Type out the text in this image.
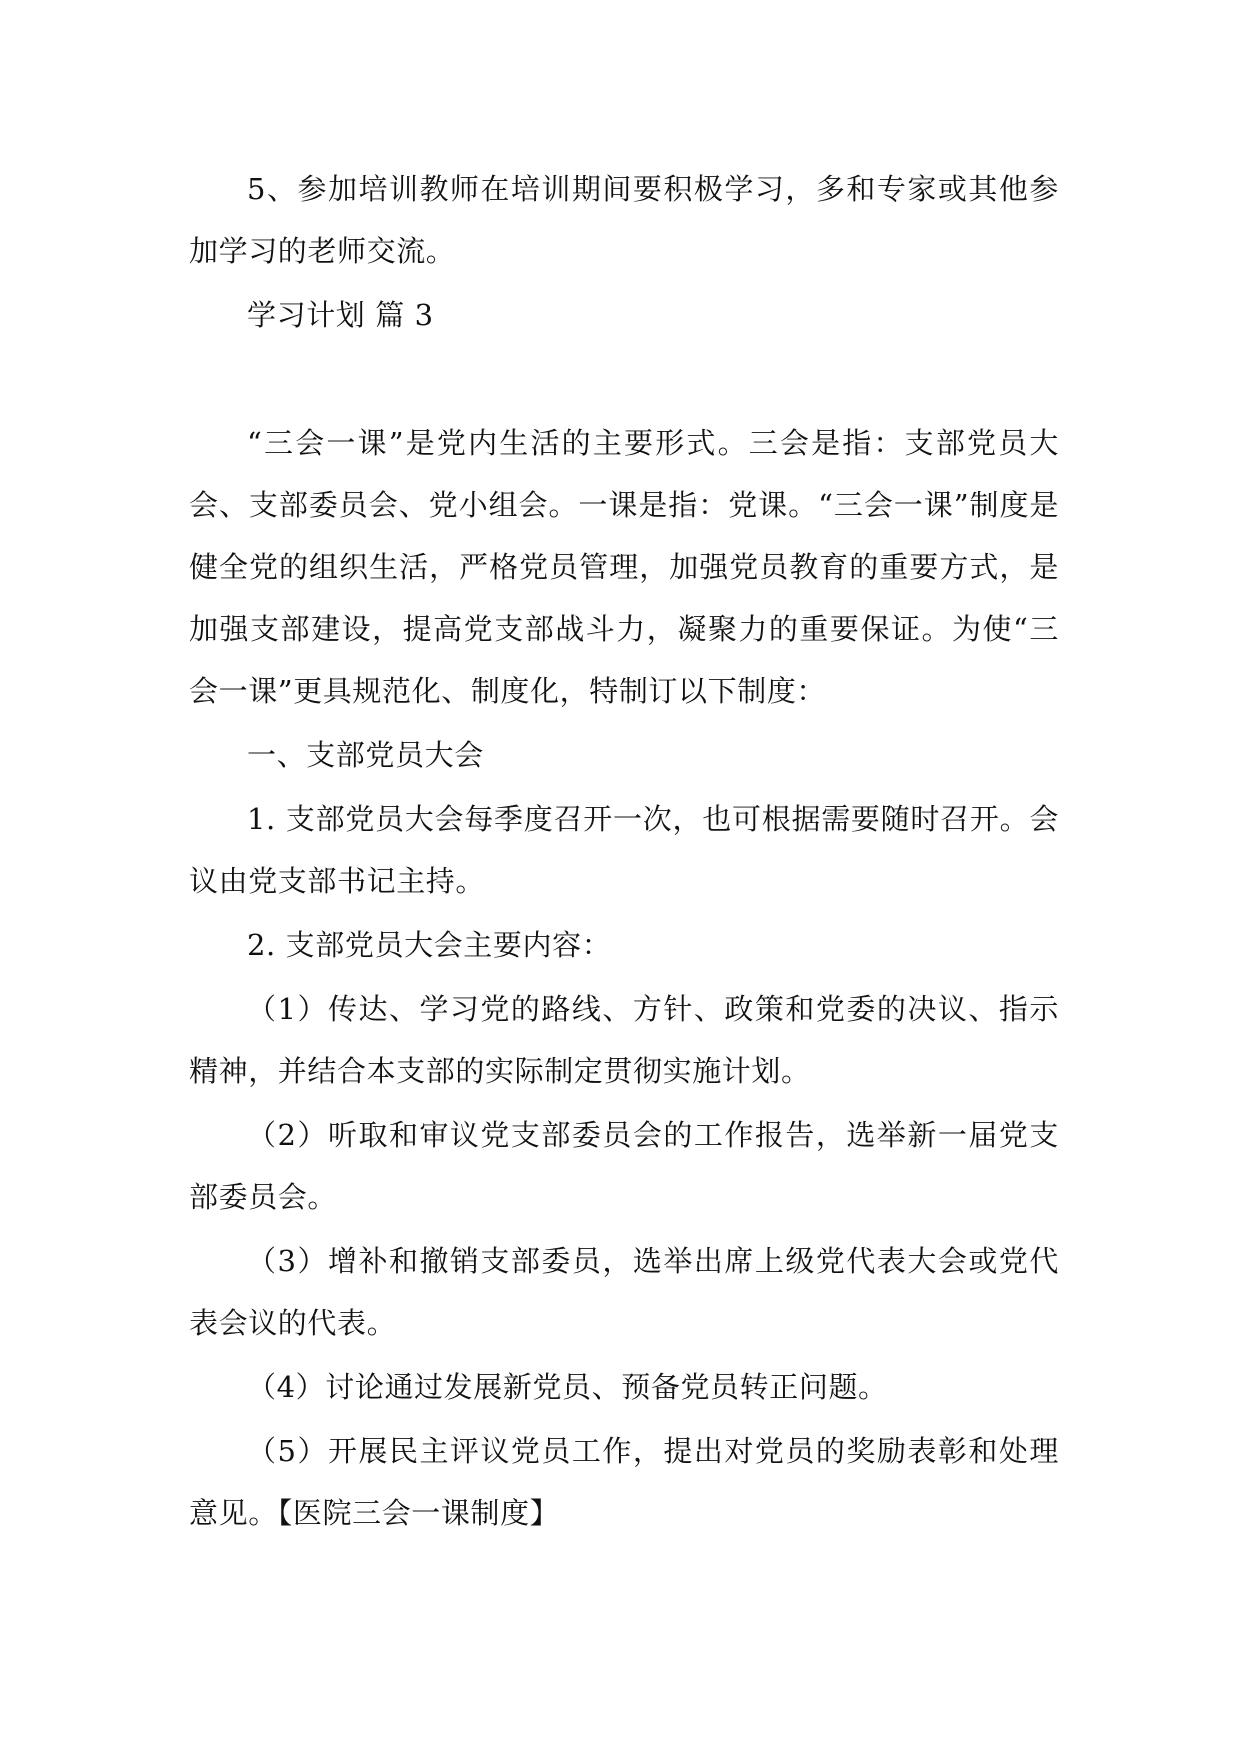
5、参加培训教师在培训期间要积极学习，多和专家或其他参加学习的老师交流。

学习计划 篇 3

“三会一课”是党内生活的主要形式。三会是指：支部党员大会、支部委员会、党小组会。一课是指：党课。“三会一课”制度是健全党的组织生活，严格党员管理，加强党员教育的重要方式，是加强支部建设，提高党支部战斗力，凝聚力的重要保证。为使“三会一课”更具规范化、制度化，特制订以下制度：

一、支部党员大会

1. 支部党员大会每季度召开一次，也可根据需要随时召开。会议由党支部书记主持。

2. 支部党员大会主要内容：

（1）传达、学习党的路线、方针、政策和党委的决议、指示精神，并结合本支部的实际制定贯彻实施计划。

（2）听取和审议党支部委员会的工作报告，选举新一届党支部委员会。

（3）增补和撤销支部委员，选举出席上级党代表大会或党代表会议的代表。

（4）讨论通过发展新党员、预备党员转正问题。

（5）开展民主评议党员工作，提出对党员的奖励表彰和处理意见。【医院三会一课制度】
